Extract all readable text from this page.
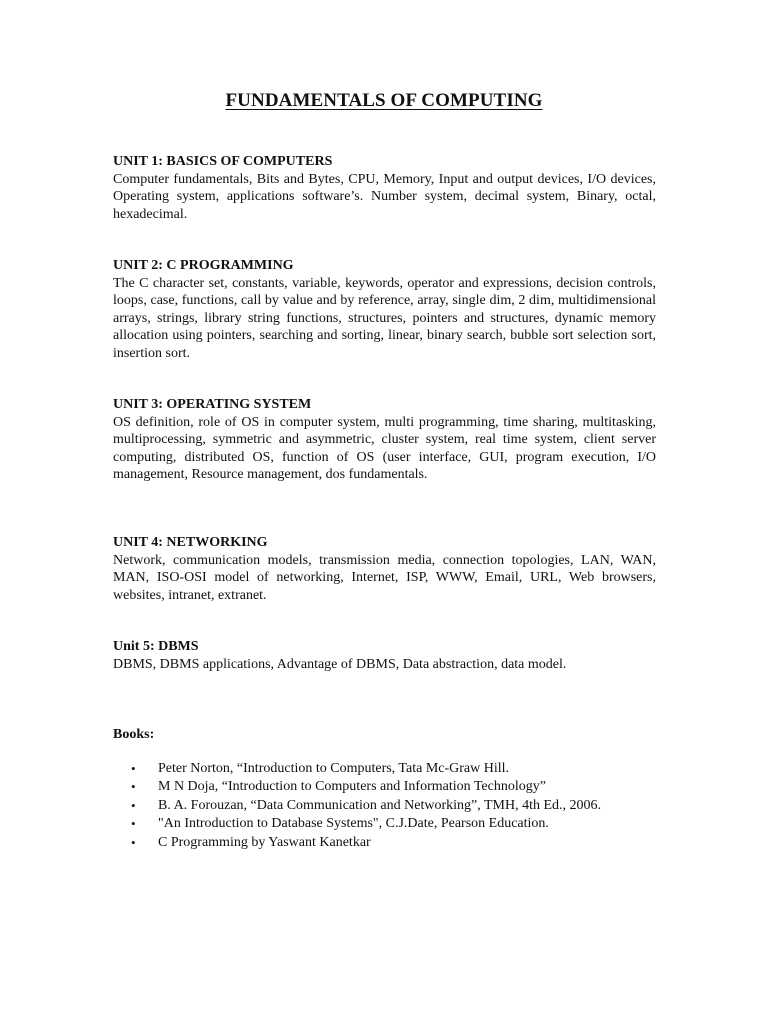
FUNDAMENTALS OF COMPUTING

UNIT 1: BASICS OF COMPUTERS

Computer fundamentals, Bits and Bytes, CPU, Memory, Input and output devices, I/O devices, Operating system, applications software’s. Number system, decimal system, Binary, octal, hexadecimal.

UNIT 2: C PROGRAMMING

The C character set, constants, variable, keywords, operator and expressions, decision controls, loops, case, functions, call by value and by reference, array, single dim, 2 dim, multidimensional arrays, strings, library string functions, structures, pointers and structures, dynamic memory allocation using pointers, searching and sorting, linear, binary search, bubble sort selection sort, insertion sort.

UNIT 3: OPERATING SYSTEM

OS definition, role of OS in computer system, multi programming, time sharing, multitasking, multiprocessing, symmetric and asymmetric, cluster system, real time system, client server computing, distributed OS, function of OS (user interface, GUI, program execution, I/O management, Resource management, dos fundamentals.

UNIT 4: NETWORKING

Network, communication models, transmission media, connection topologies, LAN, WAN, MAN, ISO-OSI model of networking, Internet, ISP, WWW, Email, URL, Web browsers, websites, intranet, extranet.

Unit 5: DBMS

DBMS, DBMS applications, Advantage of DBMS, Data abstraction, data model.

Books:
• Peter Norton, “Introduction to Computers, Tata Mc-Graw Hill.
• M N Doja, “Introduction to Computers and Information Technology”
• B. A. Forouzan, “Data Communication and Networking”, TMH, 4th Ed., 2006.
• "An Introduction to Database Systems", C.J.Date, Pearson Education.
• C Programming by Yaswant Kanetkar
